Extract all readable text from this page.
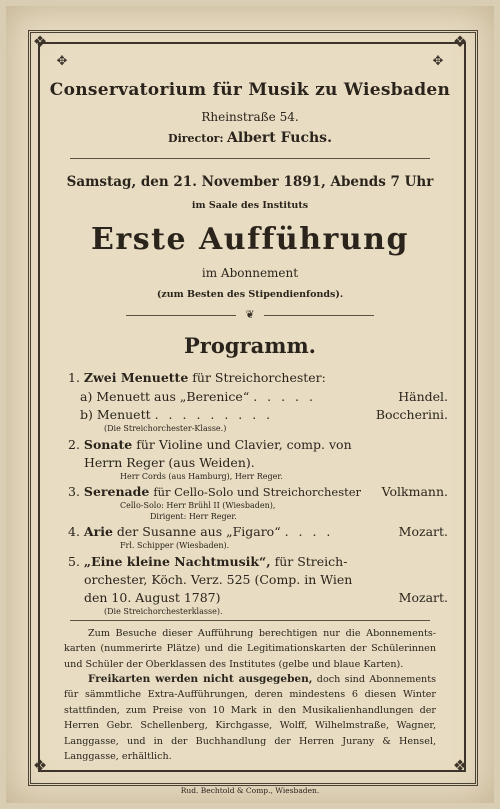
❖	❖
❖	❖
✥	✥
Conservatorium für Musik zu Wiesbaden
Rheinstraße 54.
Director: Albert Fuchs.
Samstag, den 21. November 1891, Abends 7 Uhr
im Saale des Instituts
Erste Aufführung
im Abonnement
(zum Besten des Stipendienfonds).
❦
Programm.
1. Zwei Menuette für Streichorchester:
a) Menuett aus „Berenice“ . . . . .	Händel.
b) Menuett . . . . . . . . .	Boccherini.
(Die Streichorchester-Klasse.)
2. Sonate für Violine und Clavier, comp. von
Herrn Reger (aus Weiden).
Herr Cords (aus Hamburg), Herr Reger.
3. Serenade für Cello-Solo und Streichorchester Volkmann.
Cello-Solo: Herr Brühl II (Wiesbaden),
Dirigent: Herr Reger.
4. Arie der Susanne aus „Figaro“ . . . .	Mozart.
Frl. Schipper (Wiesbaden).
5. „Eine kleine Nachtmusik“, für Streich-
orchester, Köch. Verz. 525 (Comp. in Wien
den 10. August 1787)	Mozart.
(Die Streichorchesterklasse).
Zum Besuche dieser Aufführung berechtigen nur die Abonnements-karten (nummerirte Plätze) und die Legitimationskarten der Schülerinnen und Schüler der Oberklassen des Institutes (gelbe und blaue Karten).
Freikarten werden nicht ausgegeben, doch sind Abonnements für sämmtliche Extra-Aufführungen, deren mindestens 6 diesen Winter stattfinden, zum Preise von 10 Mark in den Musikalienhandlungen der Herren Gebr. Schellenberg, Kirchgasse, Wolff, Wilhelmstraße, Wagner, Langgasse, und in der Buchhandlung der Herren Jurany & Hensel, Langgasse, erhältlich.
Rud. Bechtold & Comp., Wiesbaden.
